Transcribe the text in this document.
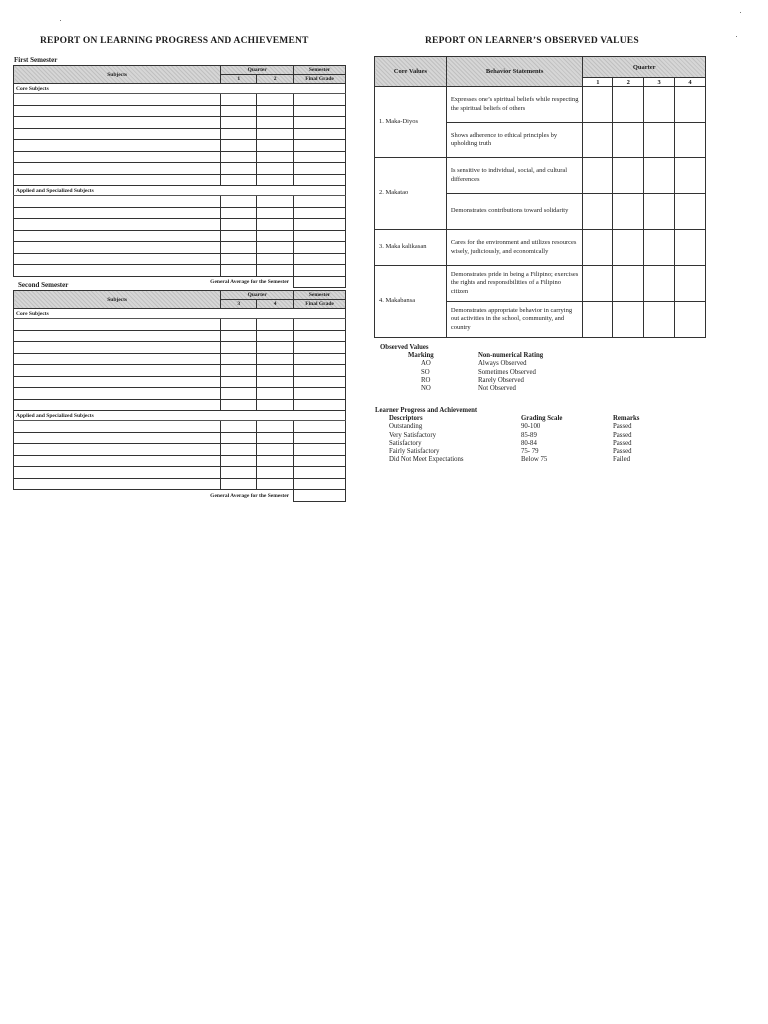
REPORT ON LEARNING PROGRESS AND ACHIEVEMENT
First Semester
Subjects	Quarter		Semester
	1	2	Final Grade
Core Subjects			

Applied and Specialized Subjects			

General Average for the Semester			
Second Semester
Subjects	Quarter		Semester
	3	4	Final Grade
Core Subjects			

Applied and Specialized Subjects			

General Average for the Semester			
REPORT ON LEARNER’S OBSERVED VALUES
Core Values	Behavior Statements	Quarter			
		1	2	3	4
1. Maka-Diyos	Expresses one’s spiritual beliefs while respecting the spiritual beliefs of others				
	Shows adherence to ethical principles by upholding truth				
2. Makatao	Is sensitive to individual, social, and cultural differences				
	Demonstrates contributions toward solidarity				
3. Maka kalikasan	Cares for the environment and utilizes resources wisely, judiciously, and economically				
4. Makabansa	Demonstrates pride in being a Filipino; exercises the rights and responsibilities of a Filipino citizen				
	Demonstrates appropriate behavior in carrying out activities in the school, community, and country				
Observed Values
Marking	Non-numerical Rating
AO	Always Observed
SO	Sometimes Observed
RO	Rarely Observed
NO	Not Observed
Learner Progress and Achievement
Descriptors	Grading Scale	Remarks
Outstanding	90-100	Passed
Very Satisfactory	85-89	Passed
Satisfactory	80-84	Passed
Fairly Satisfactory	75- 79	Passed
Did Not Meet Expectations	Below 75	Failed
